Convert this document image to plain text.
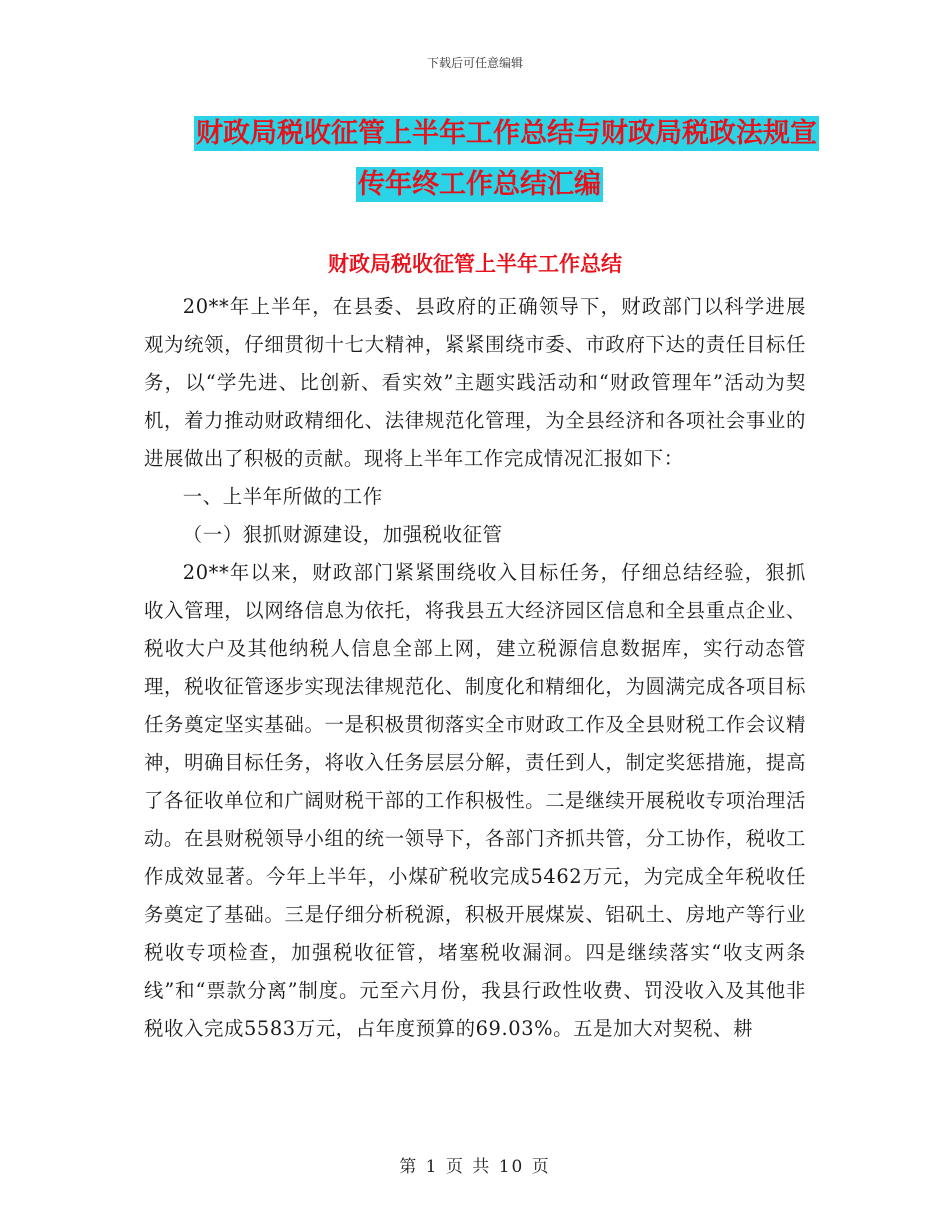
下载后可任意编辑
财政局税收征管上半年工作总结与财政局税政法规宣
传年终工作总结汇编
财政局税收征管上半年工作总结

20**年上半年，在县委、县政府的正确领导下，财政部门以科学进展观为统领，仔细贯彻十七大精神，紧紧围绕市委、市政府下达的责任目标任务，以“学先进、比创新、看实效”主题实践活动和“财政管理年”活动为契机，着力推动财政精细化、法律规范化管理，为全县经济和各项社会事业的进展做出了积极的贡献。现将上半年工作完成情况汇报如下：

一、上半年所做的工作

（一）狠抓财源建设，加强税收征管

20**年以来，财政部门紧紧围绕收入目标任务，仔细总结经验，狠抓收入管理，以网络信息为依托，将我县五大经济园区信息和全县重点企业、税收大户及其他纳税人信息全部上网，建立税源信息数据库，实行动态管理，税收征管逐步实现法律规范化、制度化和精细化，为圆满完成各项目标任务奠定坚实基础。一是积极贯彻落实全市财政工作及全县财税工作会议精神，明确目标任务，将收入任务层层分解，责任到人，制定奖惩措施，提高了各征收单位和广阔财税干部的工作积极性。二是继续开展税收专项治理活动。在县财税领导小组的统一领导下，各部门齐抓共管，分工协作，税收工作成效显著。今年上半年，小煤矿税收完成5462万元，为完成全年税收任务奠定了基础。三是仔细分析税源，积极开展煤炭、铝矾土、房地产等行业税收专项检查，加强税收征管，堵塞税收漏洞。四是继续落实“收支两条线”和“票款分离”制度。元至六月份，我县行政性收费、罚没收入及其他非税收入完成5583万元，占年度预算的69.03%。五是加大对契税、耕

第 1 页 共 10 页
